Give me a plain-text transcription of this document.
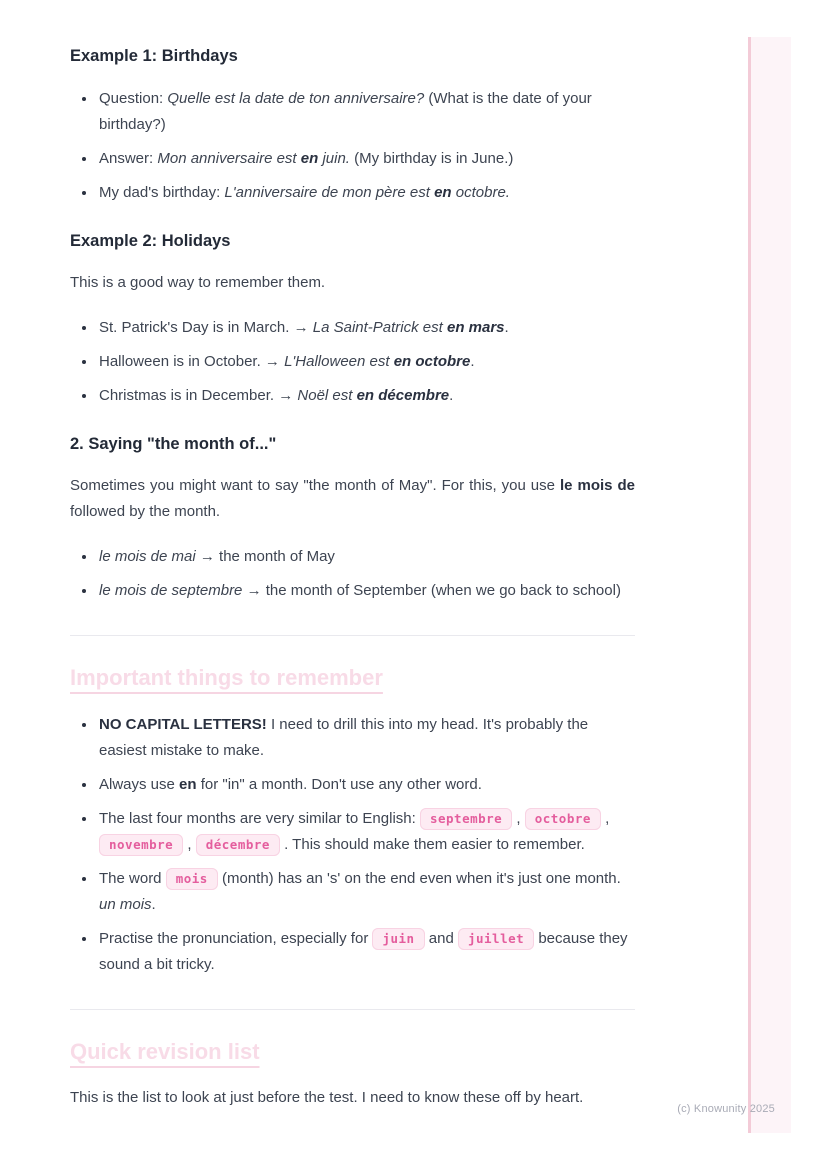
Example 1: Birthdays
• Question: Quelle est la date de ton anniversaire? (What is the date of your birthday?)
• Answer: Mon anniversaire est en juin. (My birthday is in June.)
• My dad's birthday: L'anniversaire de mon père est en octobre.
Example 2: Holidays

This is a good way to remember them.

• St. Patrick's Day is in March. → La Saint-Patrick est en mars.
• Halloween is in October. → L'Halloween est en octobre.
• Christmas is in December. → Noël est en décembre.
2. Saying "the month of..."

Sometimes you might want to say "the month of May". For this, you use le mois de followed by the month.

• le mois de mai → the month of May
• le mois de septembre → the month of September (when we go back to school)
Important things to remember
• NO CAPITAL LETTERS! I need to drill this into my head. It's probably the easiest mistake to make.
• Always use en for "in" a month. Don't use any other word.
• The last four months are very similar to English: septembre , octobre , novembre , décembre . This should make them easier to remember.
• The word mois (month) has an 's' on the end even when it's just one month. un mois.
• Practise the pronunciation, especially for juin and juillet because they sound a bit tricky.
Quick revision list

This is the list to look at just before the test. I need to know these off by heart.

(c) Knowunity 2025
